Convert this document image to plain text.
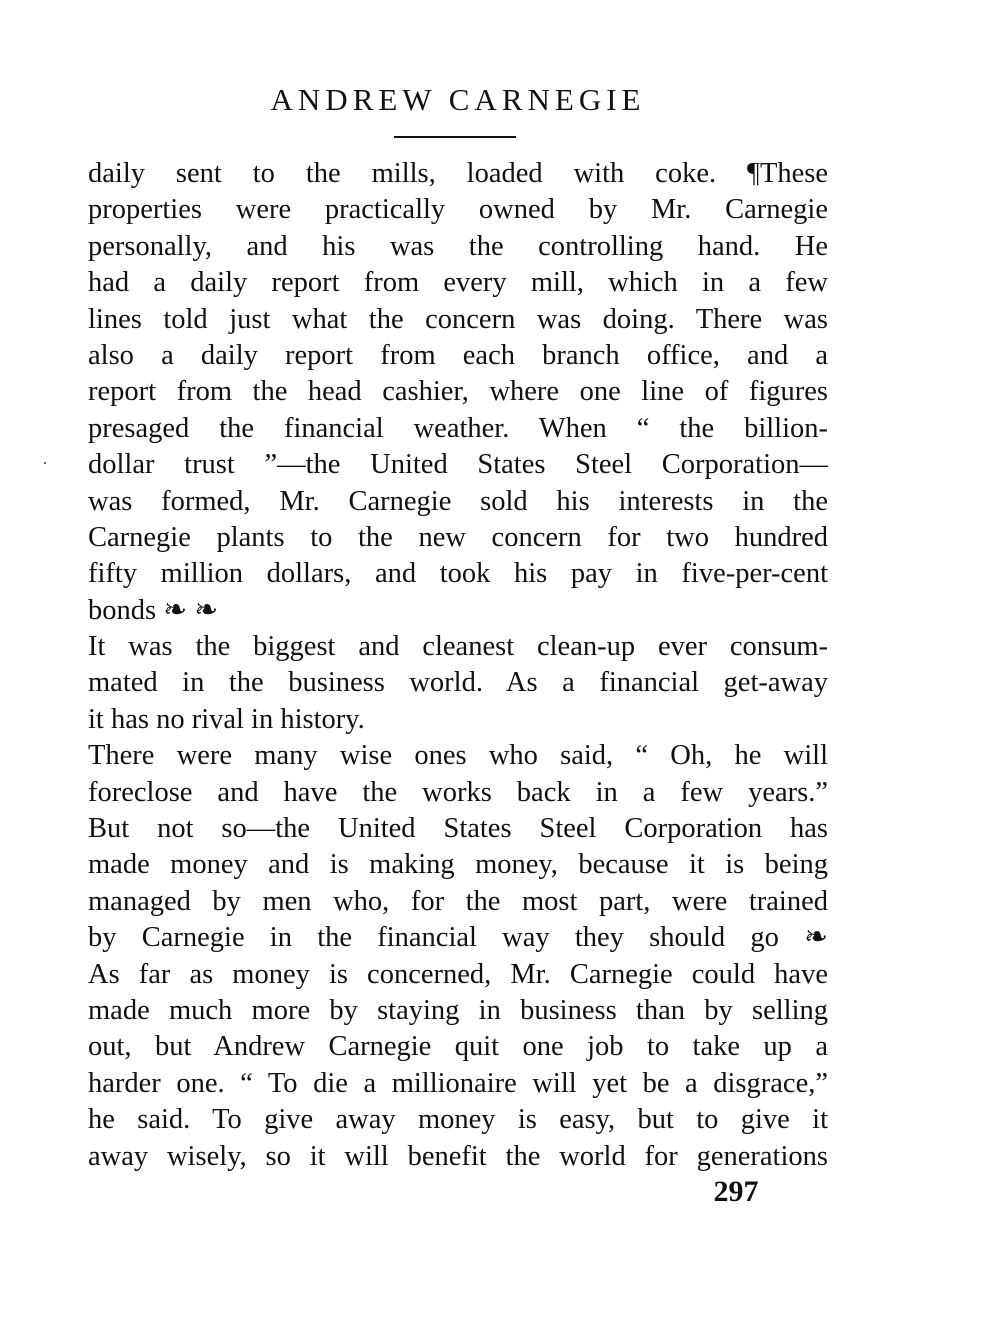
ANDREW CARNEGIE
daily sent to the mills, loaded with coke. ¶These
properties were practically owned by Mr. Carnegie
personally, and his was the controlling hand. He
had a daily report from every mill, which in a few
lines told just what the concern was doing. There was
also a daily report from each branch office, and a
report from the head cashier, where one line of figures
presaged the financial weather. When “ the billion-
dollar trust ”—the United States Steel Corporation—
was formed, Mr. Carnegie sold his interests in the
Carnegie plants to the new concern for two hundred
fifty million dollars, and took his pay in five-per-cent
bonds ❧ ❧
It was the biggest and cleanest clean-up ever consum-
mated in the business world. As a financial get-away
it has no rival in history.
There were many wise ones who said, “ Oh, he will
foreclose and have the works back in a few years.”
But not so—the United States Steel Corporation has
made money and is making money, because it is being
managed by men who, for the most part, were trained
by Carnegie in the financial way they should go ❧
As far as money is concerned, Mr. Carnegie could have
made much more by staying in business than by selling
out, but Andrew Carnegie quit one job to take up a
harder one. “ To die a millionaire will yet be a disgrace,”
he said. To give away money is easy, but to give it
away wisely, so it will benefit the world for generations
297
